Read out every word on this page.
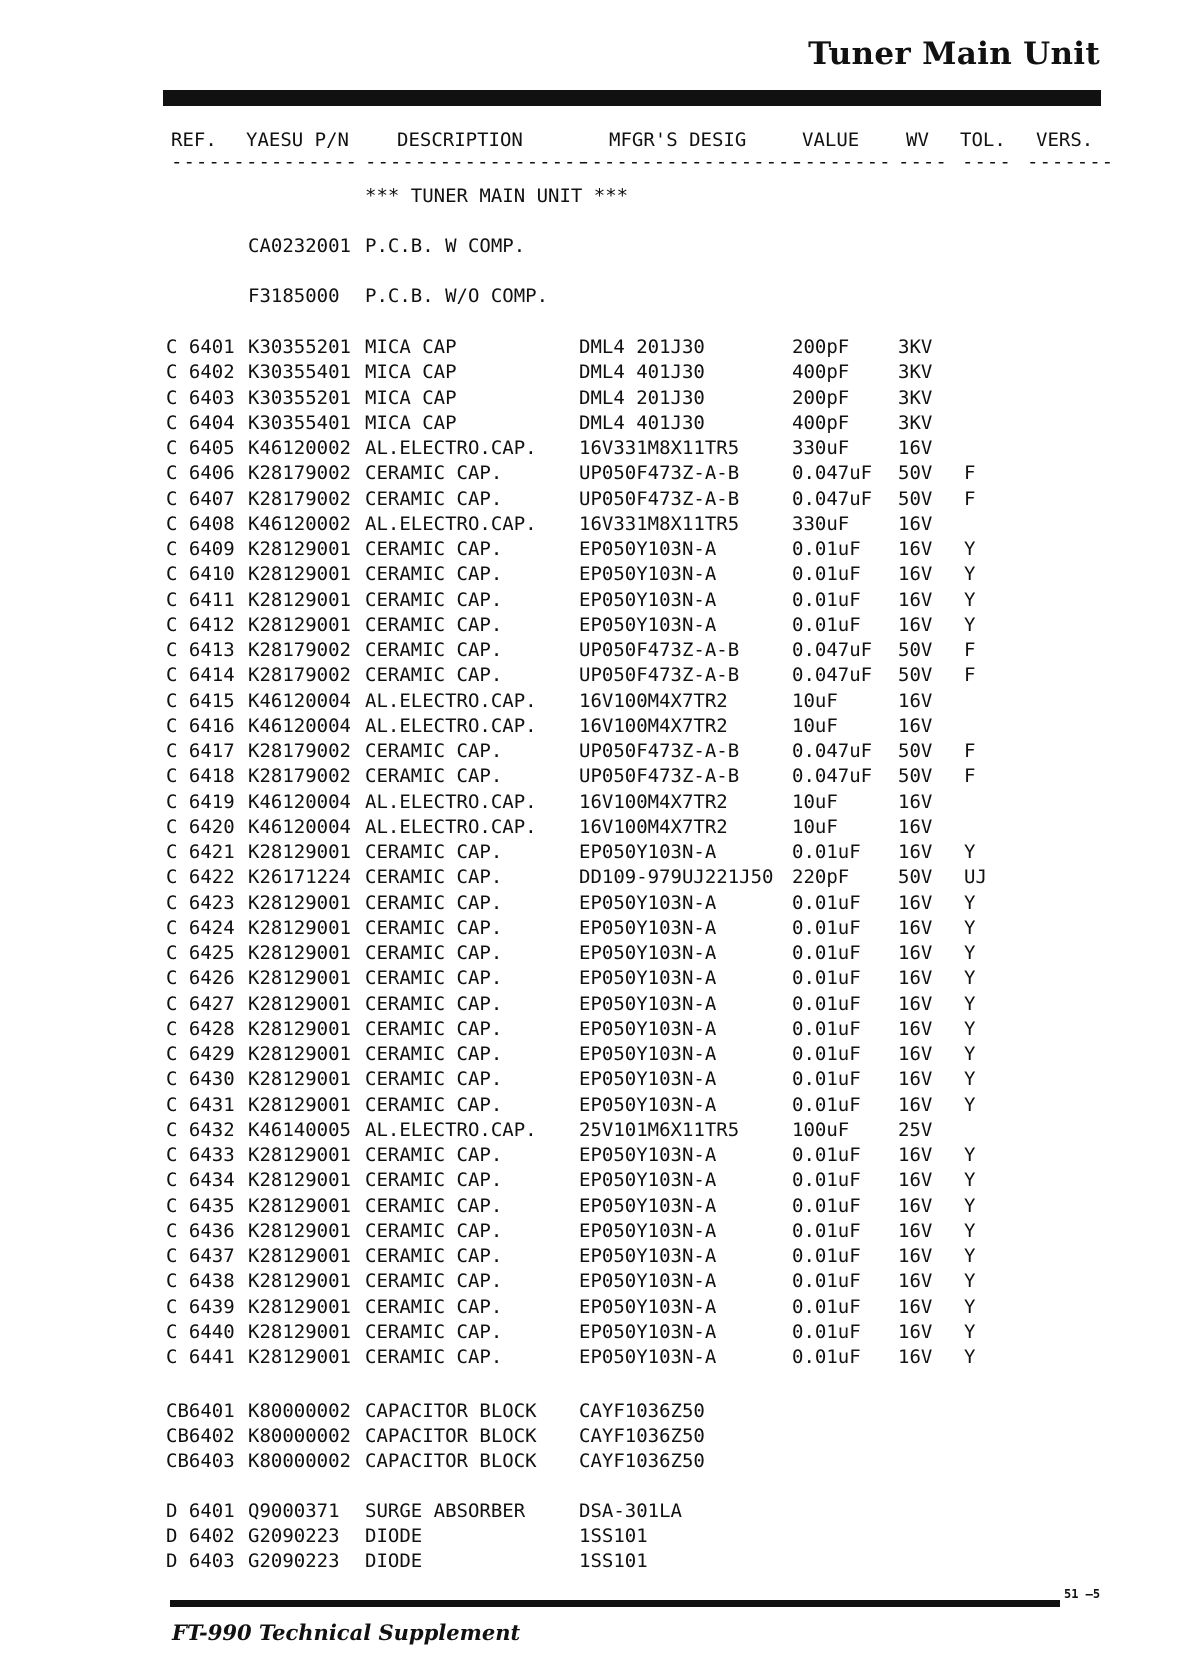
Tuner Main Unit
REF. YAESU P/N	DESCRIPTION	MFGR'S DESIG	VALUE WV TOL. VERS.
------ --------- ------------------
------------------
-------- ---- ---- -------
*** TUNER MAIN UNIT ***
CA0232001 P.C.B. W COMP.
F3185000 P.C.B. W/O COMP.
C 6401 K30355201 MICA CAP	DML4 201J30	200pF	3KV
C 6402 K30355401 MICA CAP	DML4 401J30	400pF	3KV
C 6403 K30355201 MICA CAP	DML4 201J30	200pF	3KV
C 6404 K30355401 MICA CAP	DML4 401J30	400pF	3KV
C 6405 K46120002 AL.ELECTRO.CAP. 16V331M8X11TR5	330uF	16V
C 6406 K28179002 CERAMIC CAP.	UP050F473Z-A-B	0.047uF 50V F
C 6407 K28179002 CERAMIC CAP.	UP050F473Z-A-B	0.047uF 50V F
C 6408 K46120002 AL.ELECTRO.CAP. 16V331M8X11TR5	330uF	16V
C 6409 K28129001 CERAMIC CAP.	EP050Y103N-A	0.01uF 16V Y
C 6410 K28129001 CERAMIC CAP.	EP050Y103N-A	0.01uF 16V Y
C 6411 K28129001 CERAMIC CAP.	EP050Y103N-A	0.01uF 16V Y
C 6412 K28129001 CERAMIC CAP.	EP050Y103N-A	0.01uF 16V Y
C 6413 K28179002 CERAMIC CAP.	UP050F473Z-A-B	0.047uF 50V F
C 6414 K28179002 CERAMIC CAP.	UP050F473Z-A-B	0.047uF 50V F
C 6415 K46120004 AL.ELECTRO.CAP. 16V100M4X7TR2	10uF	16V
C 6416 K46120004 AL.ELECTRO.CAP. 16V100M4X7TR2	10uF	16V
C 6417 K28179002 CERAMIC CAP.	UP050F473Z-A-B	0.047uF 50V F
C 6418 K28179002 CERAMIC CAP.	UP050F473Z-A-B	0.047uF 50V F
C 6419 K46120004 AL.ELECTRO.CAP. 16V100M4X7TR2	10uF	16V
C 6420 K46120004 AL.ELECTRO.CAP. 16V100M4X7TR2	10uF	16V
C 6421 K28129001 CERAMIC CAP.	EP050Y103N-A	0.01uF 16V Y
C 6422 K26171224 CERAMIC CAP.	DD109-979UJ221J50 220pF	50V UJ
C 6423 K28129001 CERAMIC CAP.	EP050Y103N-A	0.01uF 16V Y
C 6424 K28129001 CERAMIC CAP.	EP050Y103N-A	0.01uF 16V Y
C 6425 K28129001 CERAMIC CAP.	EP050Y103N-A	0.01uF 16V Y
C 6426 K28129001 CERAMIC CAP.	EP050Y103N-A	0.01uF 16V Y
C 6427 K28129001 CERAMIC CAP.	EP050Y103N-A	0.01uF 16V Y
C 6428 K28129001 CERAMIC CAP.	EP050Y103N-A	0.01uF 16V Y
C 6429 K28129001 CERAMIC CAP.	EP050Y103N-A	0.01uF 16V Y
C 6430 K28129001 CERAMIC CAP.	EP050Y103N-A	0.01uF 16V Y
C 6431 K28129001 CERAMIC CAP.	EP050Y103N-A	0.01uF 16V Y
C 6432 K46140005 AL.ELECTRO.CAP. 25V101M6X11TR5	100uF	25V
C 6433 K28129001 CERAMIC CAP.	EP050Y103N-A	0.01uF 16V Y
C 6434 K28129001 CERAMIC CAP.	EP050Y103N-A	0.01uF 16V Y
C 6435 K28129001 CERAMIC CAP.	EP050Y103N-A	0.01uF 16V Y
C 6436 K28129001 CERAMIC CAP.	EP050Y103N-A	0.01uF 16V Y
C 6437 K28129001 CERAMIC CAP.	EP050Y103N-A	0.01uF 16V Y
C 6438 K28129001 CERAMIC CAP.	EP050Y103N-A	0.01uF 16V Y
C 6439 K28129001 CERAMIC CAP.	EP050Y103N-A	0.01uF 16V Y
C 6440 K28129001 CERAMIC CAP.	EP050Y103N-A	0.01uF 16V Y
C 6441 K28129001 CERAMIC CAP.	EP050Y103N-A	0.01uF 16V Y
CB6401 K80000002 CAPACITOR BLOCK CAYF1036Z50
CB6402 K80000002 CAPACITOR BLOCK CAYF1036Z50
CB6403 K80000002 CAPACITOR BLOCK CAYF1036Z50
D 6401 Q9000371 SURGE ABSORBER	DSA-301LA
D 6402 G2090223 DIODE	1SS101
D 6403 G2090223 DIODE	1SS101
51 —5
FT-990 Technical Supplement
